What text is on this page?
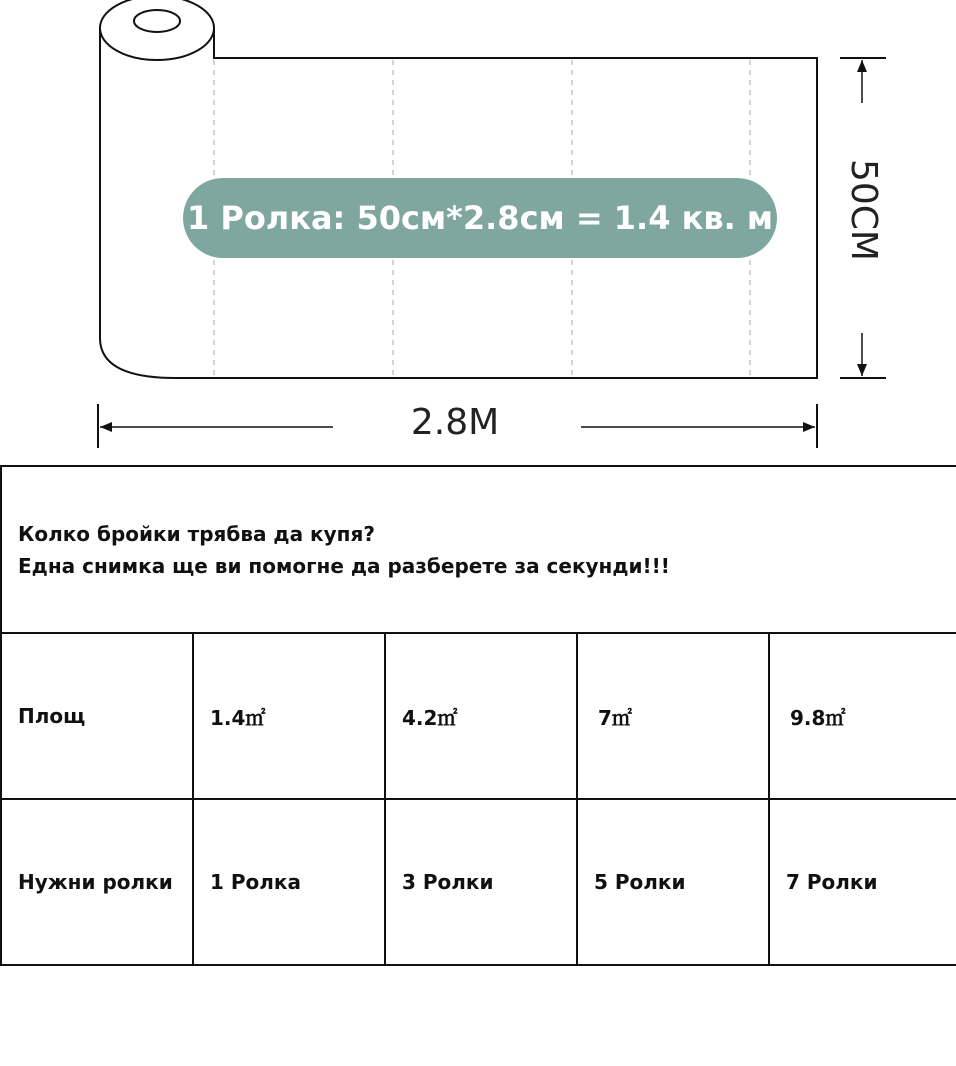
1 Ролка: 50см*2.8см = 1.4 кв. м
2.8M
50CM
Колко бройки трябва да купя?
Една снимка ще ви помогне да разберете за секунди!!!				

Площ	1.4㎡	4.2㎡	7㎡	9.8㎡
Нужни ролки	1 Ролка	3 Ролки	5 Ролки	7 Ролки
